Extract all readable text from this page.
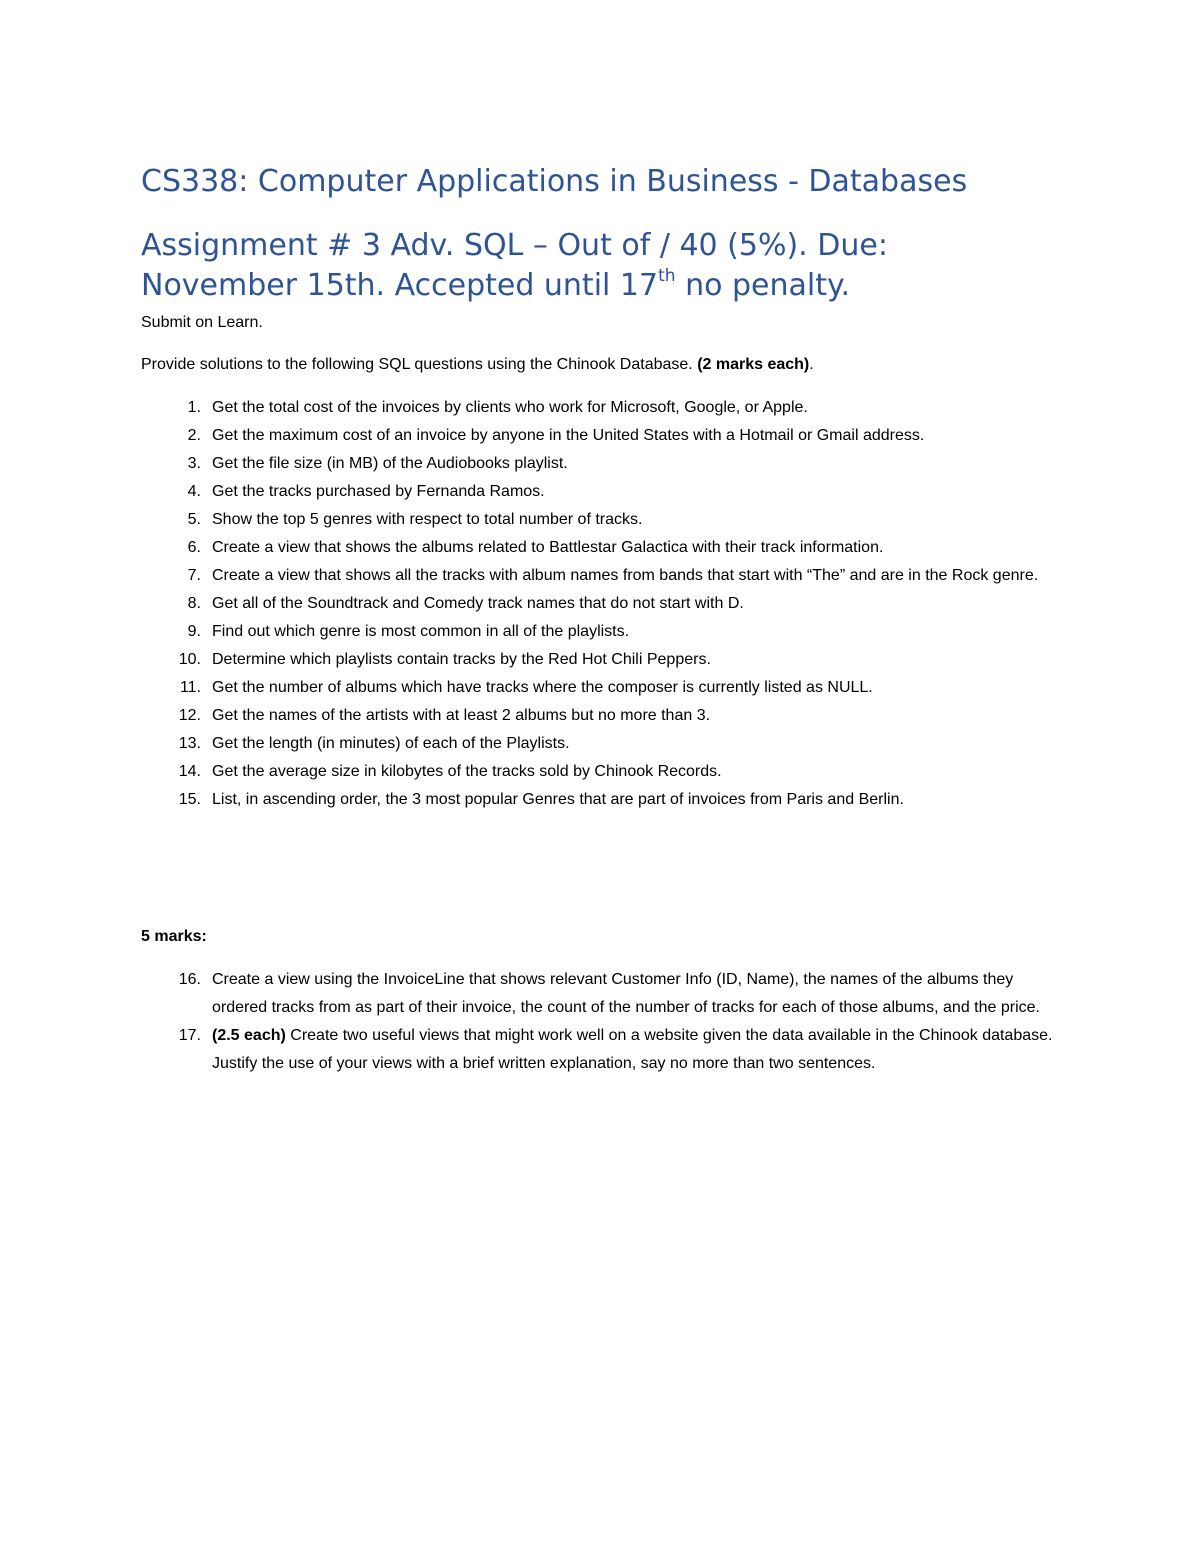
CS338: Computer Applications in Business - Databases
Assignment # 3 Adv. SQL – Out of / 40 (5%). Due:
November 15th. Accepted until 17th no penalty.

Submit on Learn.

Provide solutions to the following SQL questions using the Chinook Database. (2 marks each).

1. Get the total cost of the invoices by clients who work for Microsoft, Google, or Apple.
2. Get the maximum cost of an invoice by anyone in the United States with a Hotmail or Gmail address.
3. Get the file size (in MB) of the Audiobooks playlist.
4. Get the tracks purchased by Fernanda Ramos.
5. Show the top 5 genres with respect to total number of tracks.
6. Create a view that shows the albums related to Battlestar Galactica with their track information.
7. Create a view that shows all the tracks with album names from bands that start with “The” and are in the Rock genre.
8. Get all of the Soundtrack and Comedy track names that do not start with D.
9. Find out which genre is most common in all of the playlists.
10. Determine which playlists contain tracks by the Red Hot Chili Peppers.
11. Get the number of albums which have tracks where the composer is currently listed as NULL.
12. Get the names of the artists with at least 2 albums but no more than 3.
13. Get the length (in minutes) of each of the Playlists.
14. Get the average size in kilobytes of the tracks sold by Chinook Records.
15. List, in ascending order, the 3 most popular Genres that are part of invoices from Paris and Berlin.

5 marks:

16. Create a view using the InvoiceLine that shows relevant Customer Info (ID, Name), the names of the albums they ordered tracks from as part of their invoice, the count of the number of tracks for each of those albums, and the price.
17. (2.5 each) Create two useful views that might work well on a website given the data available in the Chinook database. Justify the use of your views with a brief written explanation, say no more than two sentences.
